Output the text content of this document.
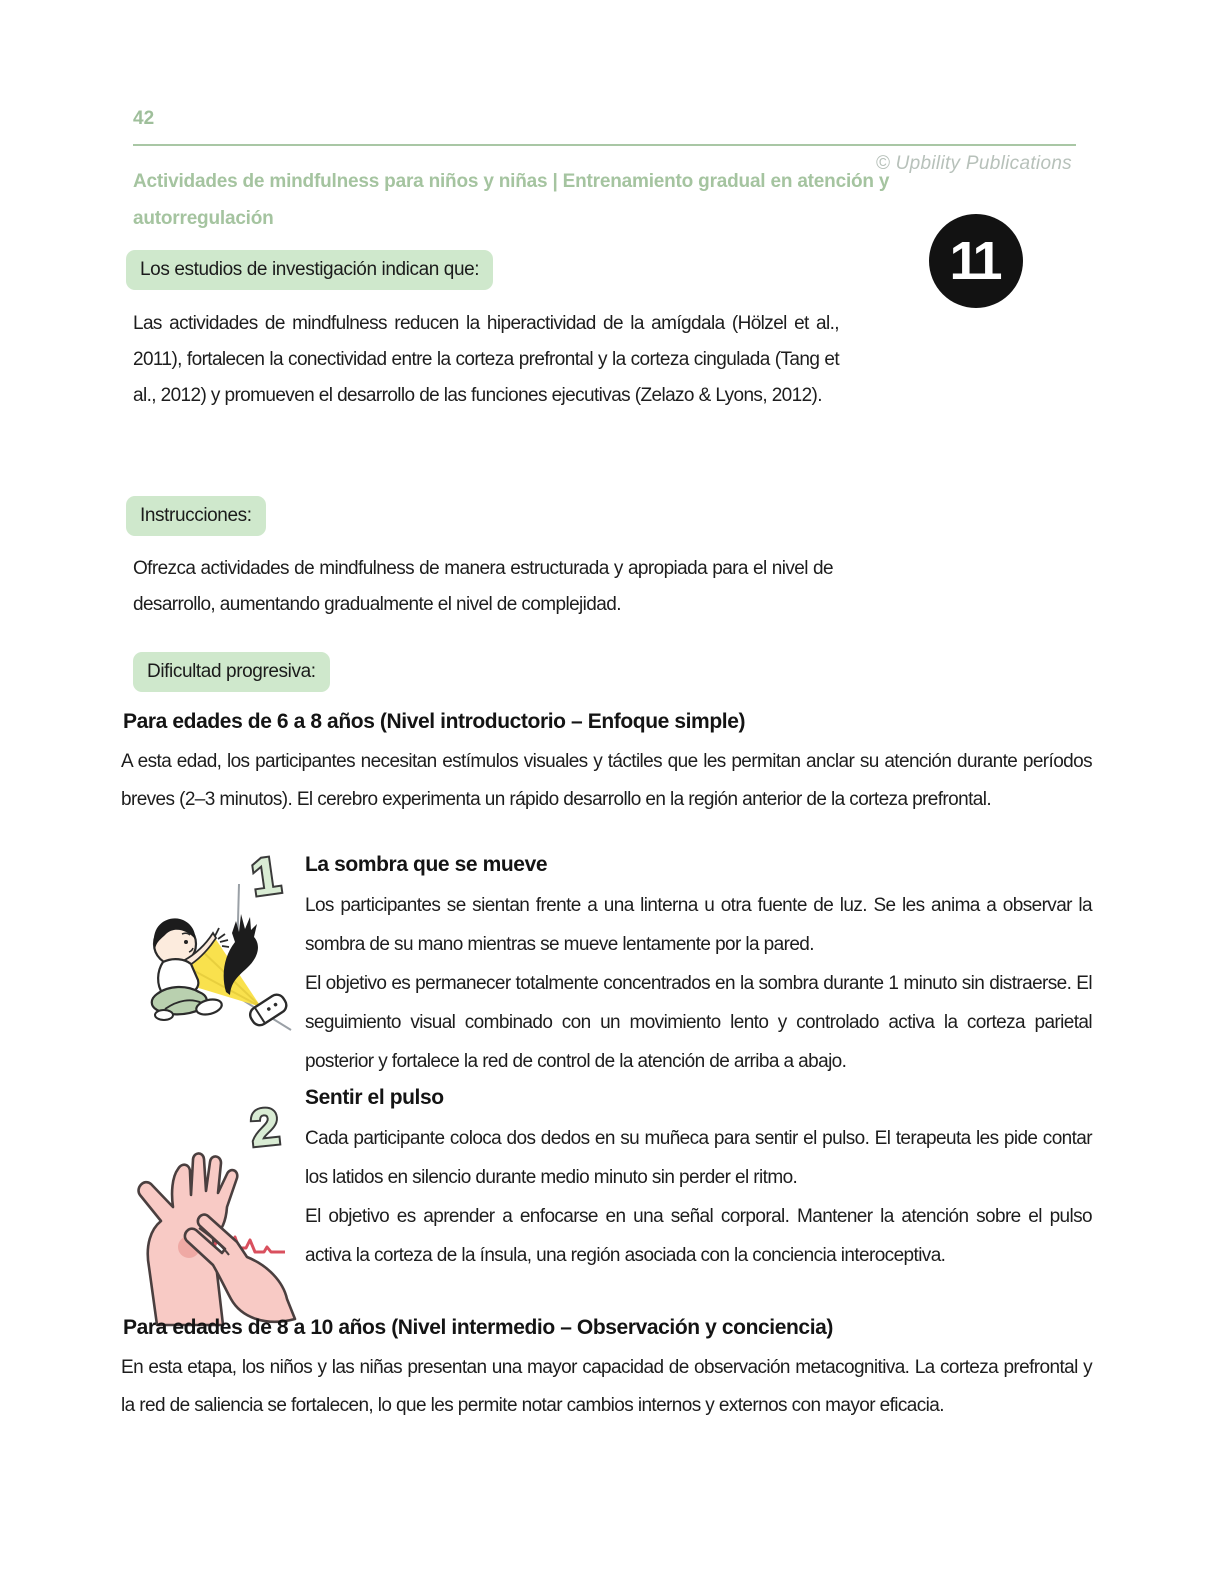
42
Actividades de mindfulness para niños y niñas | Entrenamiento gradual en atención y autorregulación
© Upbility Publications
11
Los estudios de investigación indican que:
Las actividades de mindfulness reducen la hiperactividad de la amígdala (Hölzel et al., 2011), fortalecen la conectividad entre la corteza prefrontal y la corteza cingulada (Tang et al., 2012) y promueven el desarrollo de las funciones ejecutivas (Zelazo & Lyons, 2012).
Instrucciones:
Ofrezca actividades de mindfulness de manera estructurada y apropiada para el nivel de desarrollo, aumentando gradualmente el nivel de complejidad.
Dificultad progresiva:
Para edades de 6 a 8 años (Nivel introductorio – Enfoque simple)
A esta edad, los participantes necesitan estímulos visuales y táctiles que les permitan anclar su atención durante períodos breves (2–3 minutos). El cerebro experimenta un rápido desarrollo en la región anterior de la corteza prefrontal.
1 La sombra que se mueve

Los participantes se sientan frente a una linterna u otra fuente de luz. Se les anima a observar la sombra de su mano mientras se mueve lentamente por la pared.

El objetivo es permanecer totalmente concentrados en la sombra durante 1 minuto sin distraerse. El seguimiento visual combinado con un movimiento lento y controlado activa la corteza parietal posterior y fortalece la red de control de la atención de arriba a abajo.

2
Sentir el pulso

Cada participante coloca dos dedos en su muñeca para sentir el pulso. El terapeuta les pide contar los latidos en silencio durante medio minuto sin perder el ritmo.

El objetivo es aprender a enfocarse en una señal corporal. Mantener la atención sobre el pulso activa la corteza de la ínsula, una región asociada con la conciencia interoceptiva.

Para edades de 8 a 10 años (Nivel intermedio – Observación y conciencia)
En esta etapa, los niños y las niñas presentan una mayor capacidad de observación metacognitiva. La corteza prefrontal y la red de saliencia se fortalecen, lo que les permite notar cambios internos y externos con mayor eficacia.
